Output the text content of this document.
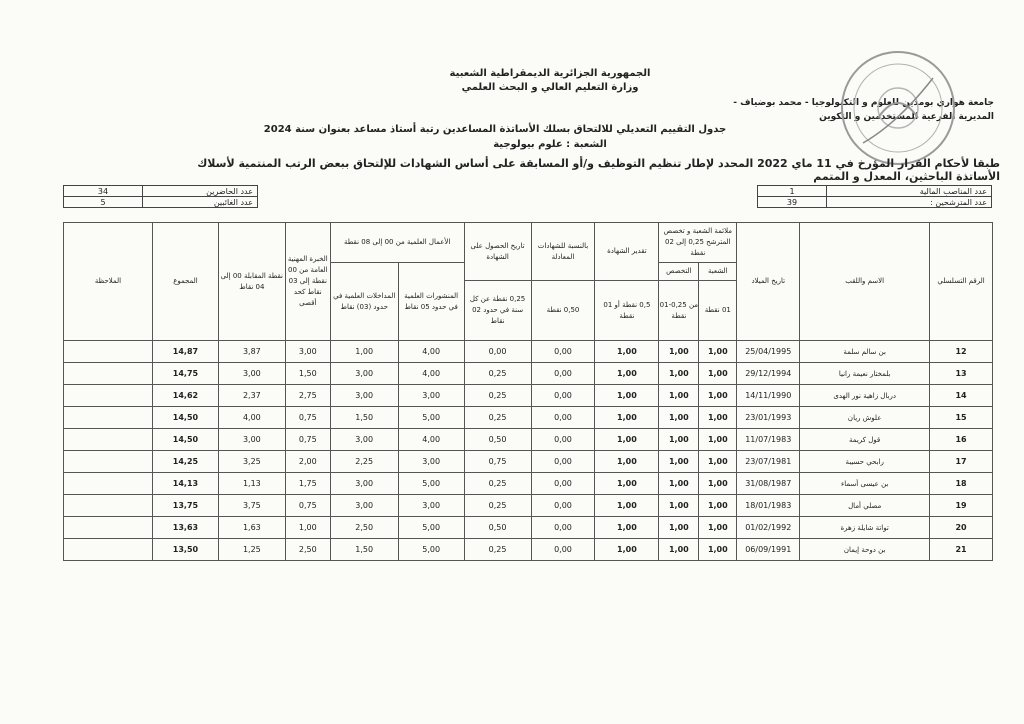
الجمهورية الجزائرية الديمقراطية الشعبية
وزارة التعليم العالي و البحث العلمي
جامعة هواري بومدين للعلوم و التكنولوجيا - محمد بوضياف -
المديرية الفرعية للمستخدمين و التكوين
جدول التقييم التعديلي للالتحاق بسلك الأساتذة المساعدين رتبة أستاذ مساعد بعنوان سنة 2024
الشعبة : علوم بيولوجية
طبقا لأحكام القرار المؤرخ في 11 ماي 2022 المحدد لإطار تنظيم التوظيف و/أو المسابقة على أساس الشهادات للإلتحاق ببعض الرتب المنتمية لأسلاك الأساتذة الباحثين، المعدل و المتمم
1	عدد المناصب المالية
39	عدد المترشحين :
34	عدد الحاضرين
5	عدد الغائبين
الرقم التسلسلي	الاسم واللقب	تاريخ الميلاد	ملائمة الشعبة و تخصص المترشح 0,25 إلى 02 نقطة		تقدير الشهادة	بالنسبة للشهادات المعادلة	تاريخ الحصول على الشهادة	الأعمال العلمية من 00 إلى 08 نقطة		الخبرة المهنية العامة من 00 نقطة إلى 03 نقاط كحد أقصى	نقطة المقابلة 00 إلى 04 نقاط	المجموع	الملاحظة
			الشعبة	التخصص				المنشورات العلمية في حدود 05 نقاط	المداخلات العلمية في حدود (03) نقاط				
			01 نقطة	من 0,25-01 نقطة	0,5 نقطة أو 01 نقطة	0,50 نقطة	0,25 نقطة عن كل سنة في حدود 02 نقاط						
12	بن سالم سلمة	25/04/1995	1,00	1,00	1,00	0,00	0,00	4,00	1,00	3,00	3,87	14,87	
13	بلمختار نعيمة رانيا	29/12/1994	1,00	1,00	1,00	0,00	0,25	4,00	3,00	1,50	3,00	14,75	
14	دربال زاهية نور الهدى	14/11/1990	1,00	1,00	1,00	0,00	0,25	3,00	3,00	2,75	2,37	14,62	
15	علوش ريان	23/01/1993	1,00	1,00	1,00	0,00	0,25	5,00	1,50	0,75	4,00	14,50	
16	قول كريمة	11/07/1983	1,00	1,00	1,00	0,00	0,50	4,00	3,00	0,75	3,00	14,50	
17	رابحي حسيبة	23/07/1981	1,00	1,00	1,00	0,00	0,75	3,00	2,25	2,00	3,25	14,25	
18	بن عيسى أسماء	31/08/1987	1,00	1,00	1,00	0,00	0,25	5,00	3,00	1,75	1,13	14,13	
19	مصلي أمال	18/01/1983	1,00	1,00	1,00	0,00	0,25	3,00	3,00	0,75	3,75	13,75	
20	تواتة شايلة زهرة	01/02/1992	1,00	1,00	1,00	0,00	0,50	5,00	2,50	1,00	1,63	13,63	
21	بن دوحة إيمان	06/09/1991	1,00	1,00	1,00	0,00	0,25	5,00	1,50	2,50	1,25	13,50	
